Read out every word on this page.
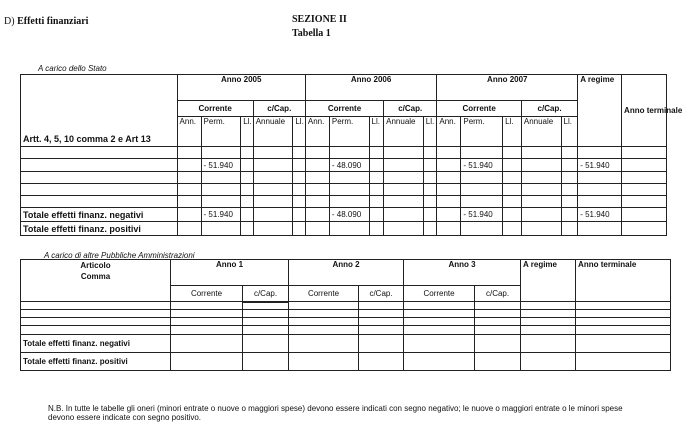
D) Effetti finanziari	SEZIONE II
Tabella 1
A carico dello Stato
Artt. 4, 5, 10 comma 2 e Art 13	Anno 2005					Anno 2006					Anno 2007					A regime	Anno terminale
	Corrente			c/Cap.		Corrente			c/Cap.		Corrente			c/Cap.			
	Ann.	Perm.	Ll.	Annuale	Ll.	Ann.	Perm.	Ll.	Annuale	Ll.	Ann.	Perm.	Ll.	Annuale	Ll.		

		- 51.940					- 48.090					- 51.940				- 51.940	

Totale effetti finanz. negativi		- 51.940					- 48.090					- 51.940				- 51.940	
Totale effetti finanz. positivi																	
A carico di altre Pubbliche Amministrazioni
Articolo
Comma	Anno 1		Anno 2		Anno 3		A regime	Anno terminale
	Corrente	c/Cap.	Corrente	c/Cap.	Corrente	c/Cap.		

Totale effetti finanz. negativi								
Totale effetti finanz. positivi								
N.B. In tutte le tabelle gli oneri (minori entrate o nuove o maggiori spese) devono essere indicati con segno negativo; le nuove o maggiori entrate o le minori spese devono essere indicate con segno positivo.
